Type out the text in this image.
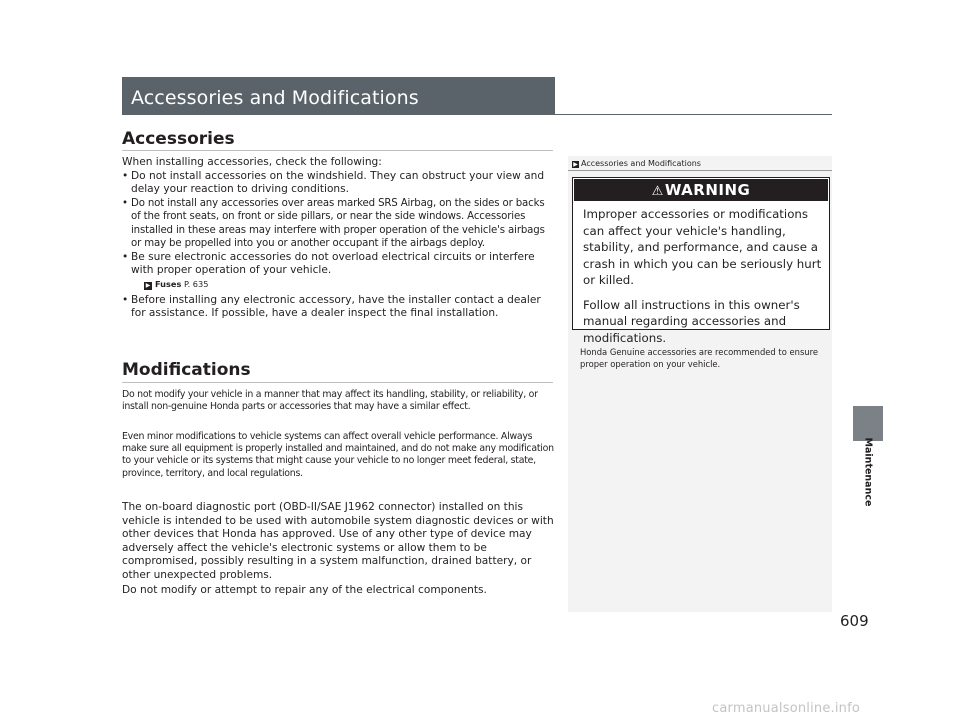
Accessories and Modifications
Accessories

When installing accessories, check the following:

• Do not install accessories on the windshield. They can obstruct your view and delay your reaction to driving conditions.

• Do not install any accessories over areas marked SRS Airbag, on the sides or backs of the front seats, on front or side pillars, or near the side windows. Accessories installed in these areas may interfere with proper operation of the vehicle's airbags or may be propelled into you or another occupant if the airbags deploy.

• Be sure electronic accessories do not overload electrical circuits or interfere with proper operation of your vehicle.

▶ Fuses P. 635

• Before installing any electronic accessory, have the installer contact a dealer for assistance. If possible, have a dealer inspect the final installation.

Modifications
Do not modify your vehicle in a manner that may affect its handling, stability, or reliability, or install non-genuine Honda parts or accessories that may have a similar effect.
Even minor modifications to vehicle systems can affect overall vehicle performance. Always make sure all equipment is properly installed and maintained, and do not make any modification to your vehicle or its systems that might cause your vehicle to no longer meet federal, state, province, territory, and local regulations.
The on-board diagnostic port (OBD-II/SAE J1962 connector) installed on this vehicle is intended to be used with automobile system diagnostic devices or with other devices that Honda has approved. Use of any other type of device may adversely affect the vehicle's electronic systems or allow them to be compromised, possibly resulting in a system malfunction, drained battery, or other unexpected problems.
Do not modify or attempt to repair any of the electrical components.
▶ Accessories and Modifications
⚠WARNING

Improper accessories or modifications can affect your vehicle's handling, stability, and performance, and cause a crash in which you can be seriously hurt or killed.

Follow all instructions in this owner's manual regarding accessories and modifications.

Honda Genuine accessories are recommended to ensure proper operation on your vehicle.
Maintenance
609
carmanualsonline.info
